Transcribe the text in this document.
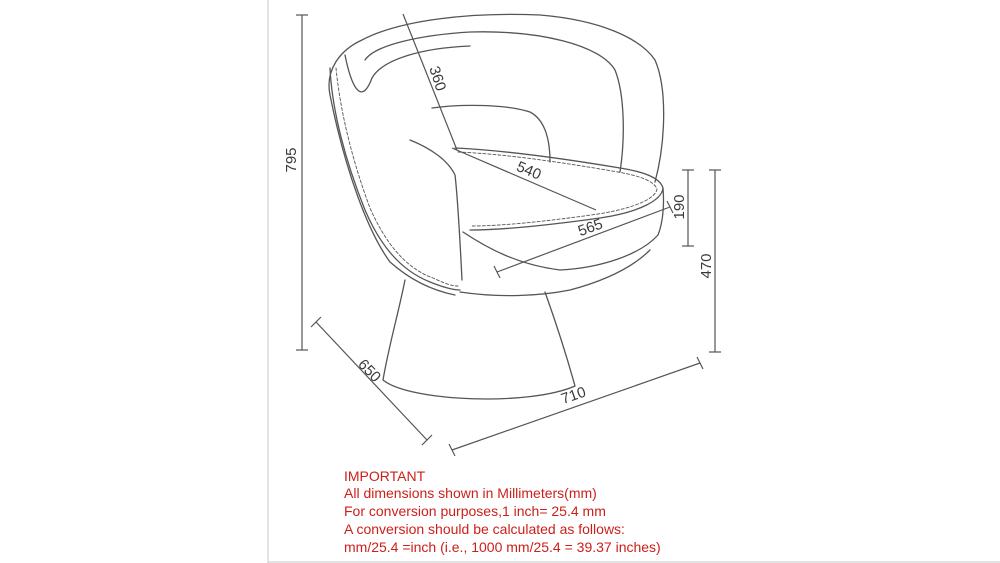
360
540
565
795
190
470
650
710
IMPORTANT
All dimensions shown in Millimeters(mm)
For conversion purposes,1 inch= 25.4 mm
A conversion should be calculated as follows:
mm/25.4 =inch (i.e., 1000 mm/25.4 = 39.37 inches)
